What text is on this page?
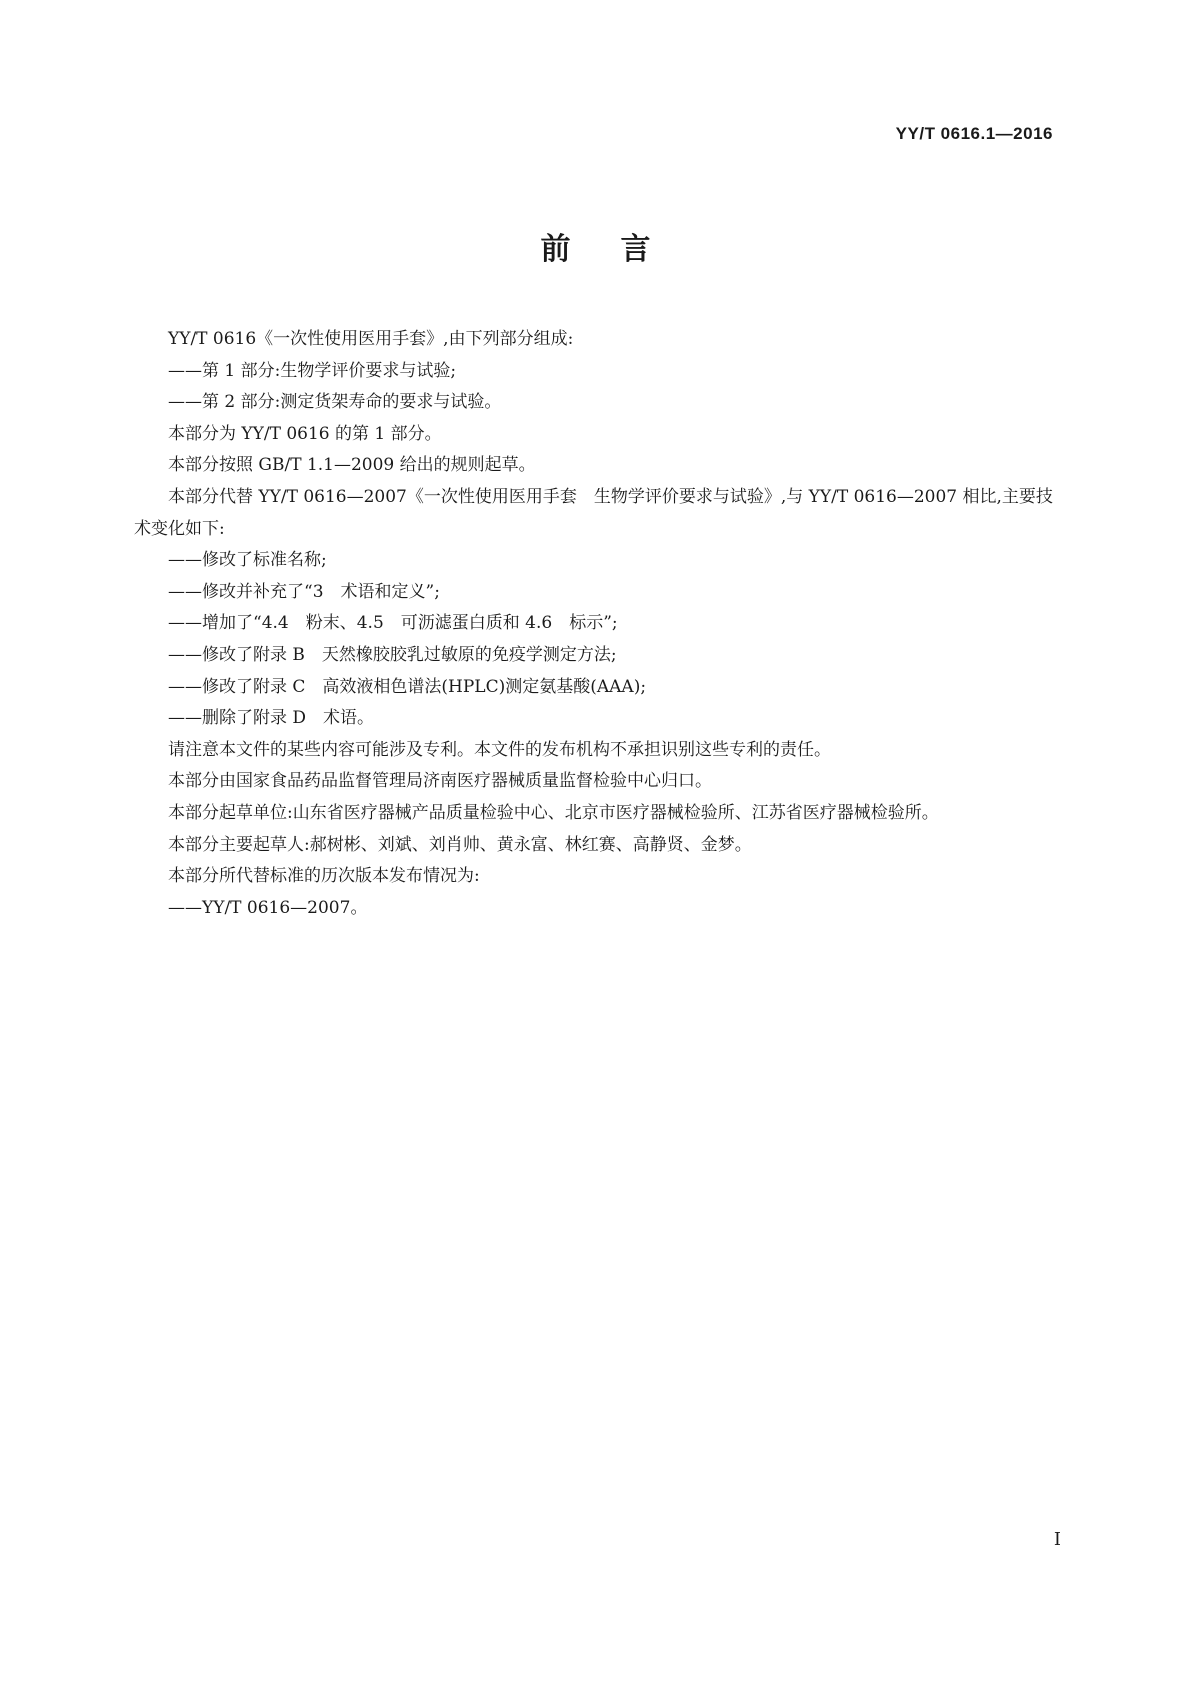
YY/T 0616.1—2016
前言

YY/T 0616《一次性使用医用手套》,由下列部分组成:

——第 1 部分:生物学评价要求与试验;

——第 2 部分:测定货架寿命的要求与试验。

本部分为 YY/T 0616 的第 1 部分。

本部分按照 GB/T 1.1—2009 给出的规则起草。

本部分代替 YY/T 0616—2007《一次性使用医用手套　生物学评价要求与试验》,与 YY/T 0616—2007 相比,主要技术变化如下:

——修改了标准名称;

——修改并补充了“3　术语和定义”;

——增加了“4.4　粉末、4.5　可沥滤蛋白质和 4.6　标示”;

——修改了附录 B　天然橡胶胶乳过敏原的免疫学测定方法;

——修改了附录 C　高效液相色谱法(HPLC)测定氨基酸(AAA);

——删除了附录 D　术语。

请注意本文件的某些内容可能涉及专利。本文件的发布机构不承担识别这些专利的责任。

本部分由国家食品药品监督管理局济南医疗器械质量监督检验中心归口。

本部分起草单位:山东省医疗器械产品质量检验中心、北京市医疗器械检验所、江苏省医疗器械检验所。

本部分主要起草人:郝树彬、刘斌、刘肖帅、黄永富、林红赛、高静贤、金梦。

本部分所代替标准的历次版本发布情况为:

——YY/T 0616—2007。

I
